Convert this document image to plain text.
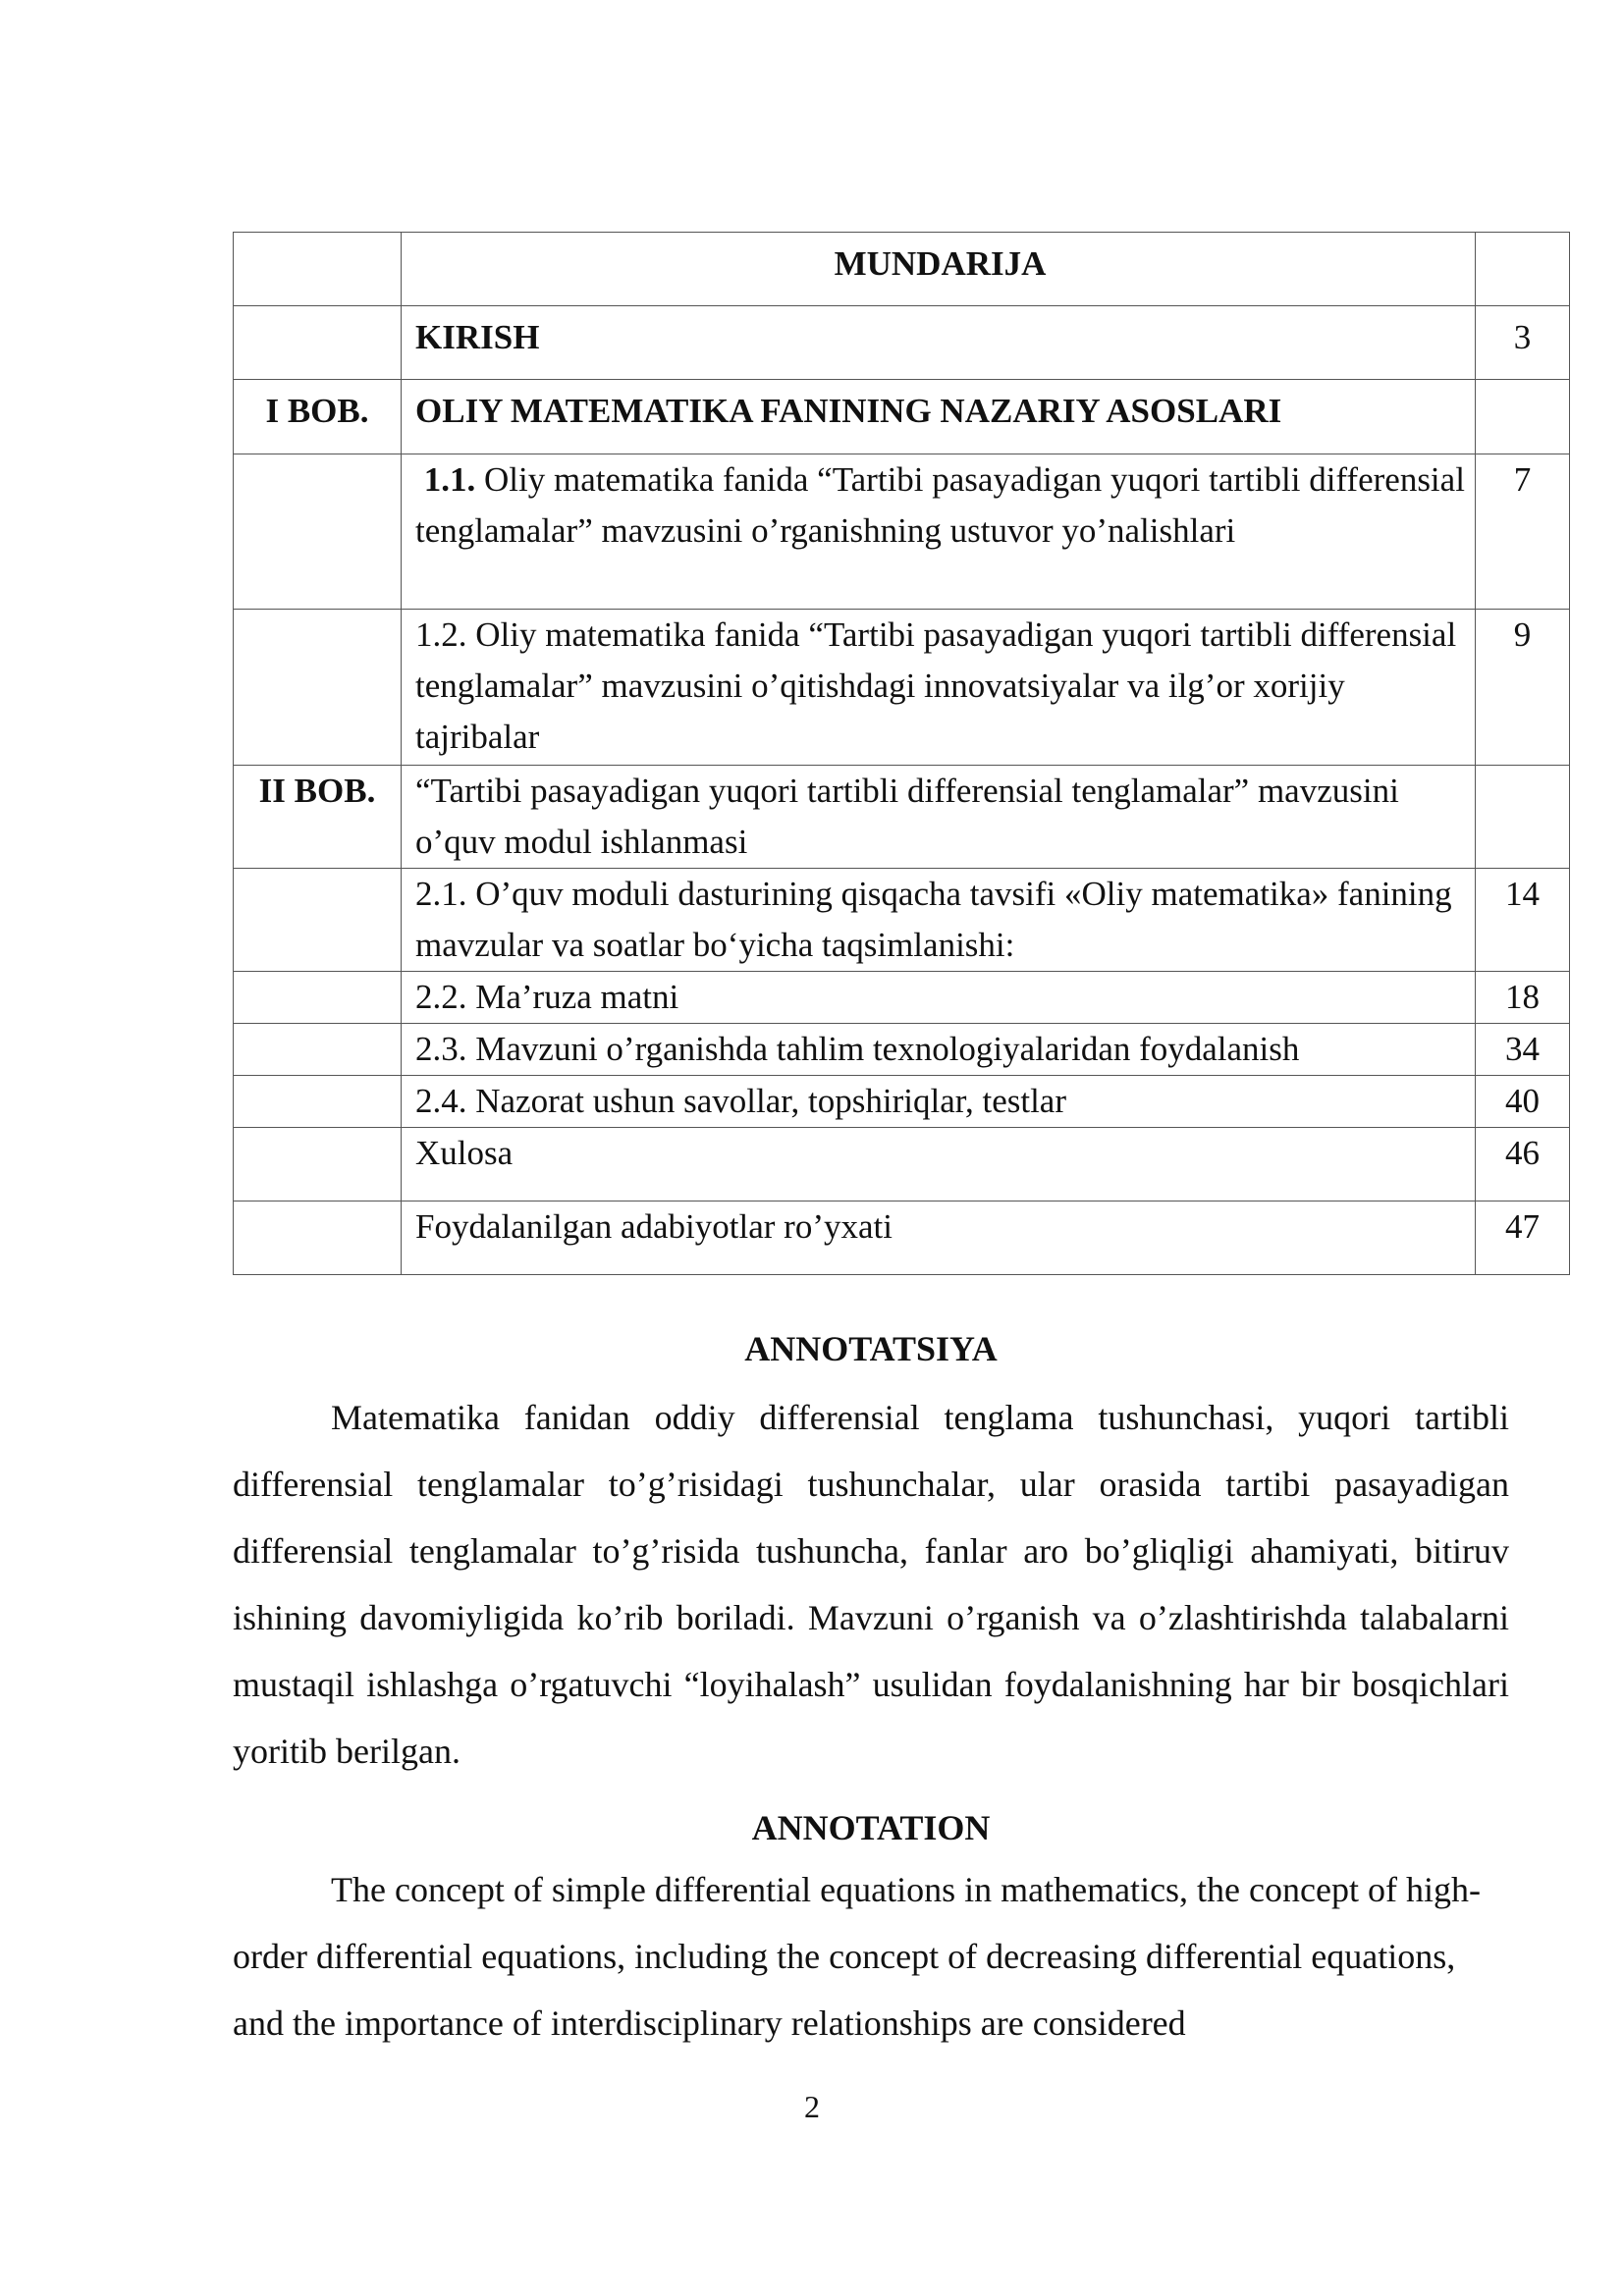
	MUNDARIJA	
	KIRISH	3
I BOB.	OLIY MATEMATIKA FANINING NAZARIY ASOSLARI	
	1.1. Oliy matematika fanida “Tartibi pasayadigan yuqori tartibli differensial tenglamalar” mavzusini o’rganishning ustuvor yo’nalishlari	7
	1.2. Oliy matematika fanida “Tartibi pasayadigan yuqori tartibli differensial tenglamalar” mavzusini o’qitishdagi innovatsiyalar va ilg’or xorijiy tajribalar	9
II BOB.	“Tartibi pasayadigan yuqori tartibli differensial tenglamalar” mavzusini o’quv modul ishlanmasi	
	2.1. O’quv moduli dasturining qisqacha tavsifi «Oliy matematika» fanining mavzular va soatlar bo‘yicha taqsimlanishi:	14
	2.2. Ma’ruza matni	18
	2.3. Mavzuni o’rganishda tahlim texnologiyalaridan foydalanish	34
	2.4. Nazorat ushun savollar, topshiriqlar, testlar	40
	Xulosa	46
	Foydalanilgan adabiyotlar ro’yxati	47
ANNOTATSIYA

Matematika fanidan oddiy differensial tenglama tushunchasi, yuqori tartibli differensial tenglamalar to’g’risidagi tushunchalar, ular orasida tartibi pasayadigan differensial tenglamalar to’g’risida tushuncha, fanlar aro bo’gliqligi ahamiyati, bitiruv ishining davomiyligida ko’rib boriladi. Mavzuni o’rganish va o’zlashtirishda talabalarni mustaqil ishlashga o’rgatuvchi “loyihalash” usulidan foydalanishning har bir bosqichlari yoritib berilgan.

ANNOTATION

The concept of simple differential equations in mathematics, the concept of high-order differential equations, including the concept of decreasing differential equations, and the importance of interdisciplinary relationships are considered

2
